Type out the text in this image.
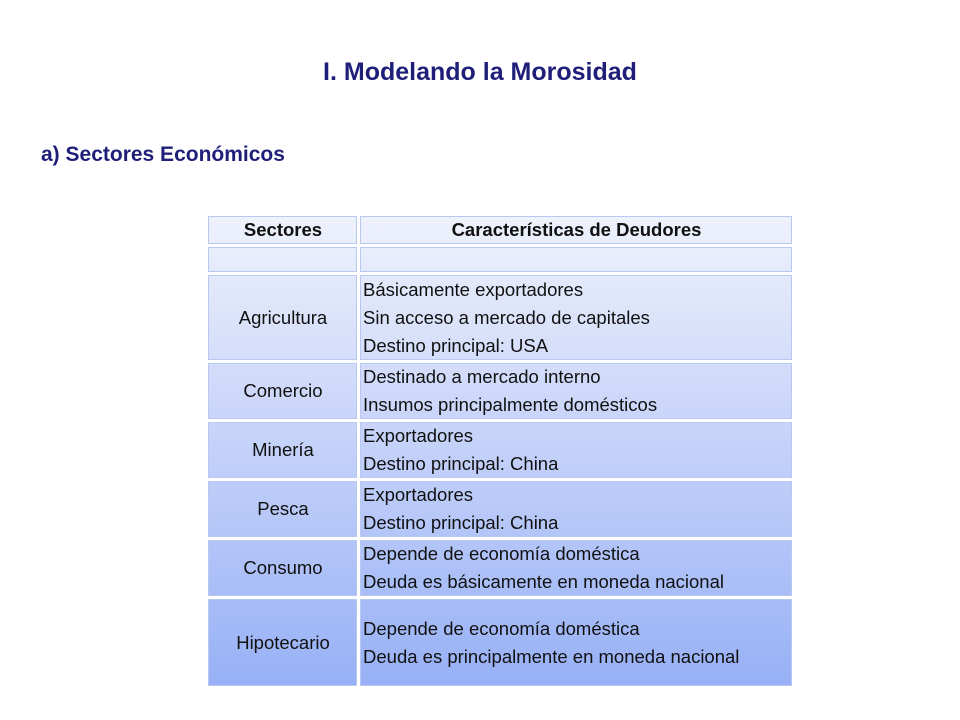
I. Modelando la Morosidad
a) Sectores Económicos
Sectores	Características de Deudores

Agricultura	Básicamente exportadores
Sin acceso a mercado de capitales
Destino principal: USA

Comercio	Destinado a mercado interno
Insumos principalmente domésticos

Minería	Exportadores
Destino principal: China

Pesca	Exportadores
Destino principal: China

Consumo	Depende de economía doméstica
Deuda es básicamente en moneda nacional

Hipotecario	Depende de economía doméstica
Deuda es principalmente en moneda nacional
